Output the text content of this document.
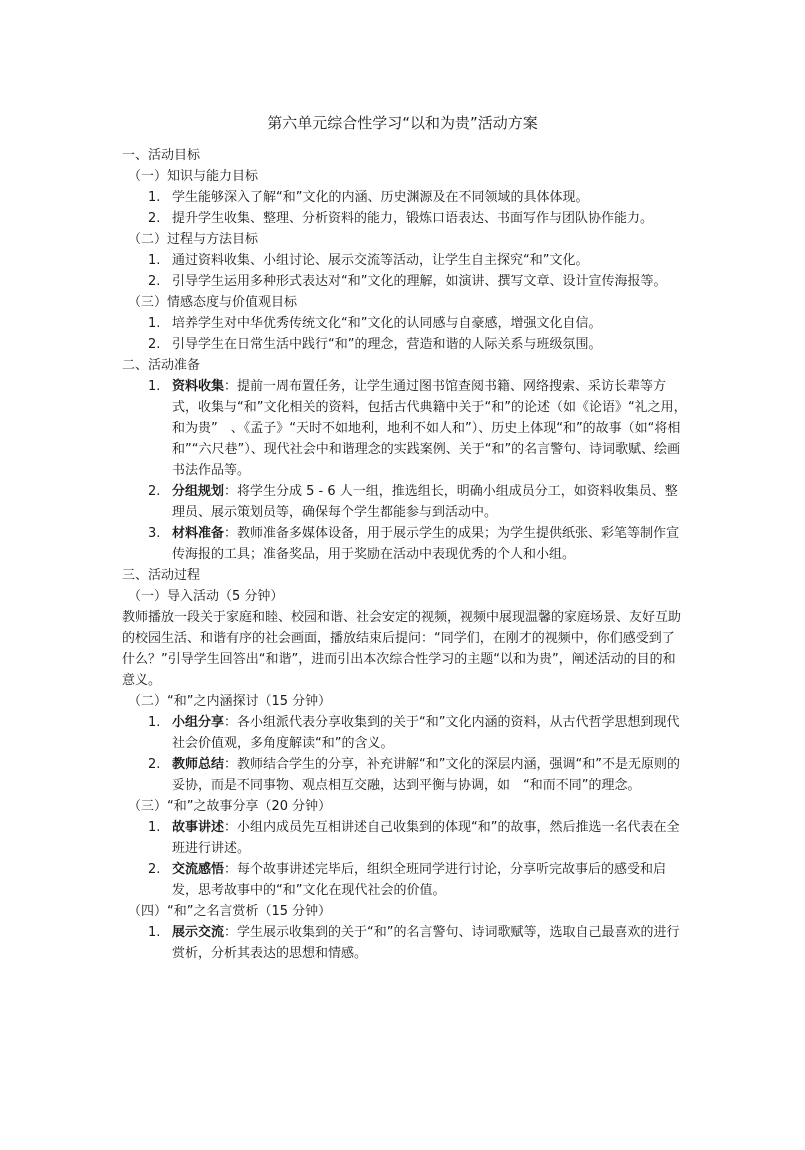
第六单元综合性学习“以和为贵”活动方案

一、活动目标

（一）知识与能力目标

1. 学生能够深入了解“和”文化的内涵、历史渊源及在不同领域的具体体现。

2. 提升学生收集、整理、分析资料的能力，锻炼口语表达、书面写作与团队协作能力。

（二）过程与方法目标

1. 通过资料收集、小组讨论、展示交流等活动，让学生自主探究“和”文化。

2. 引导学生运用多种形式表达对“和”文化的理解，如演讲、撰写文章、设计宣传海报等。

（三）情感态度与价值观目标

1. 培养学生对中华优秀传统文化“和”文化的认同感与自豪感，增强文化自信。

2. 引导学生在日常生活中践行“和”的理念，营造和谐的人际关系与班级氛围。

二、活动准备

1. 资料收集：提前一周布置任务，让学生通过图书馆查阅书籍、网络搜索、采访长辈等方式，收集与“和”文化相关的资料，包括古代典籍中关于“和”的论述（如《论语》“礼之用，和为贵”　、《孟子》“天时不如地利，地利不如人和”）、历史上体现“和”的故事（如“将相和”“六尺巷”）、现代社会中和谐理念的实践案例、关于“和”的名言警句、诗词歌赋、绘画书法作品等。

2. 分组规划：将学生分成 5 - 6 人一组，推选组长，明确小组成员分工，如资料收集员、整理员、展示策划员等，确保每个学生都能参与到活动中。

3. 材料准备：教师准备多媒体设备，用于展示学生的成果；为学生提供纸张、彩笔等制作宣传海报的工具；准备奖品，用于奖励在活动中表现优秀的个人和小组。

三、活动过程

（一）导入活动（5 分钟）

教师播放一段关于家庭和睦、校园和谐、社会安定的视频，视频中展现温馨的家庭场景、友好互助的校园生活、和谐有序的社会画面，播放结束后提问：“同学们，在刚才的视频中，你们感受到了什么？”引导学生回答出“和谐”，进而引出本次综合性学习的主题“以和为贵”，阐述活动的目的和意义。

（二）“和”之内涵探讨（15 分钟）

1. 小组分享：各小组派代表分享收集到的关于“和”文化内涵的资料，从古代哲学思想到现代社会价值观，多角度解读“和”的含义。

2. 教师总结：教师结合学生的分享，补充讲解“和”文化的深层内涵，强调“和”不是无原则的妥协，而是不同事物、观点相互交融，达到平衡与协调，如　“和而不同”的理念。

（三）“和”之故事分享（20 分钟）

1. 故事讲述：小组内成员先互相讲述自己收集到的体现“和”的故事，然后推选一名代表在全班进行讲述。

2. 交流感悟：每个故事讲述完毕后，组织全班同学进行讨论，分享听完故事后的感受和启发，思考故事中的“和”文化在现代社会的价值。

（四）“和”之名言赏析（15 分钟）

1. 展示交流：学生展示收集到的关于“和”的名言警句、诗词歌赋等，选取自己最喜欢的进行赏析，分析其表达的思想和情感。
